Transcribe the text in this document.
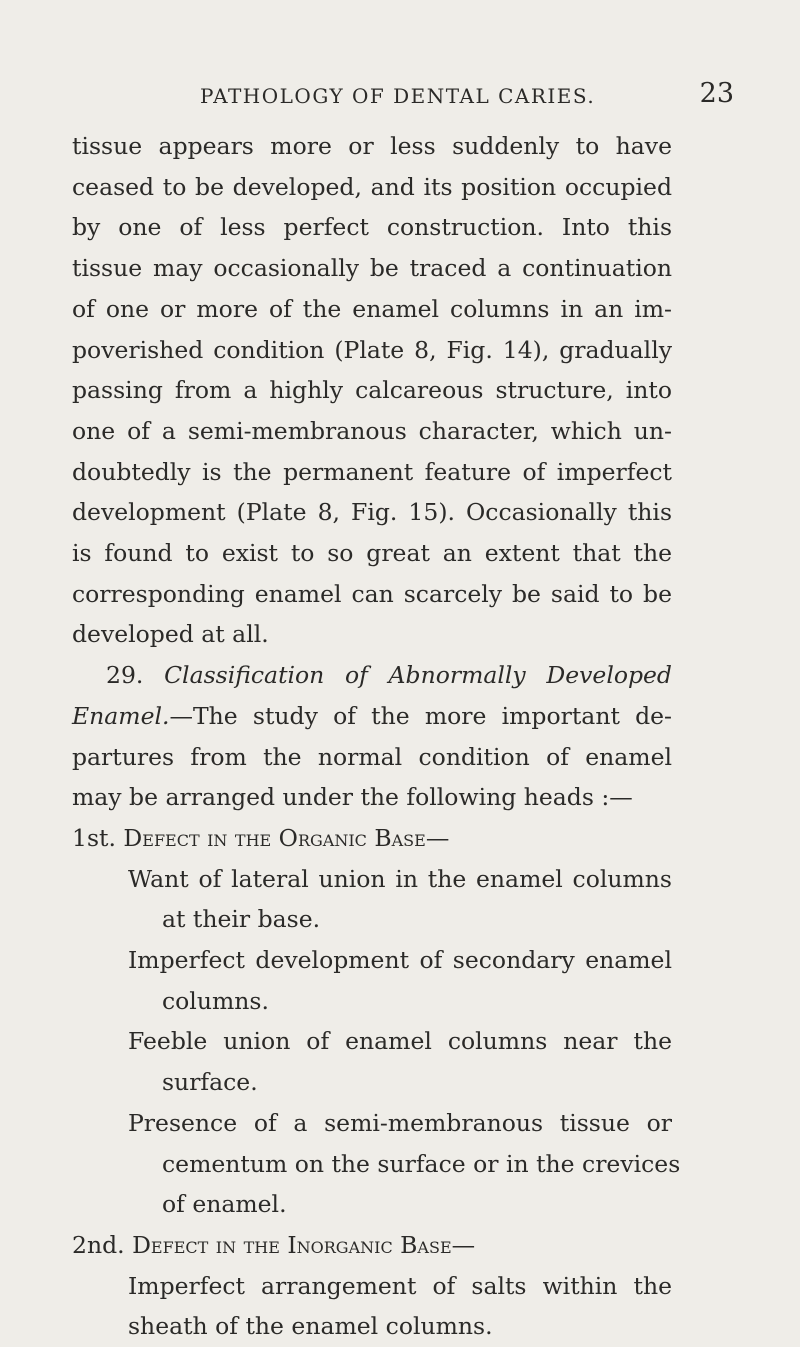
PATHOLOGY OF DENTAL CARIES.	23
tissue appears more or less suddenly to have
ceased to be developed, and its position occupied
by one of less perfect construction. Into this
tissue may occasionally be traced a continuation
of one or more of the enamel columns in an im-
poverished condition (Plate 8, Fig. 14), gradually
passing from a highly calcareous structure, into
one of a semi-membranous character, which un-
doubtedly is the permanent feature of imperfect
development (Plate 8, Fig. 15). Occasionally this
is found to exist to so great an extent that the
corresponding enamel can scarcely be said to be
developed at all.
29. Classification of Abnormally Developed
Enamel.—The study of the more important de-
partures from the normal condition of enamel
may be arranged under the following heads :—
1st. Defect in the Organic Base—
Want of lateral union in the enamel columns
at their base.
Imperfect development of secondary enamel
columns.
Feeble union of enamel columns near the
surface.
Presence of a semi-membranous tissue or
cementum on the surface or in the crevices
of enamel.
2nd. Defect in the Inorganic Base—
Imperfect arrangement of salts within the
sheath of the enamel columns.
